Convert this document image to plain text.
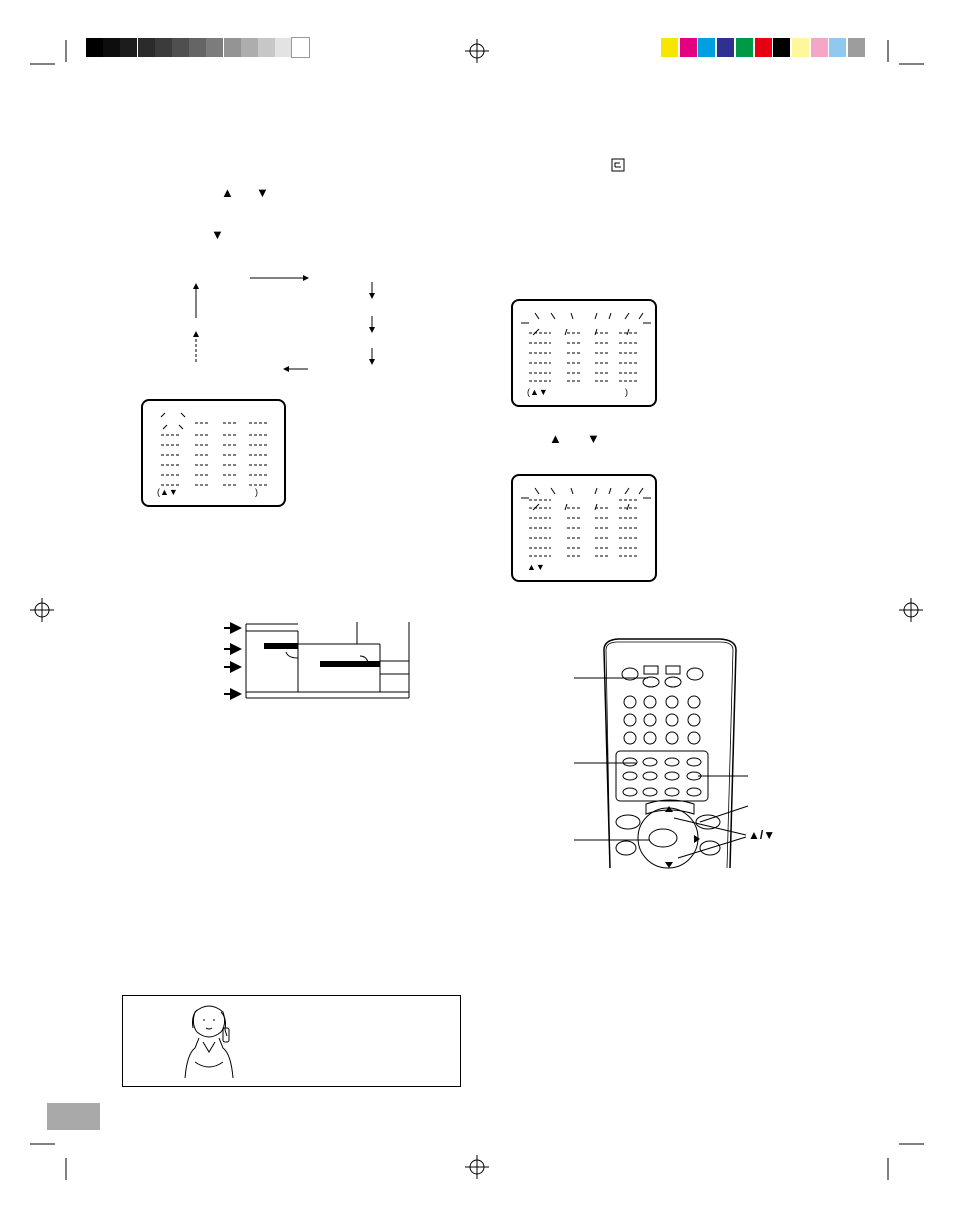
▲ ▼
▼
(▲▼	)
(▲▼	)
▲ ▼
▲▼
▲/▼
